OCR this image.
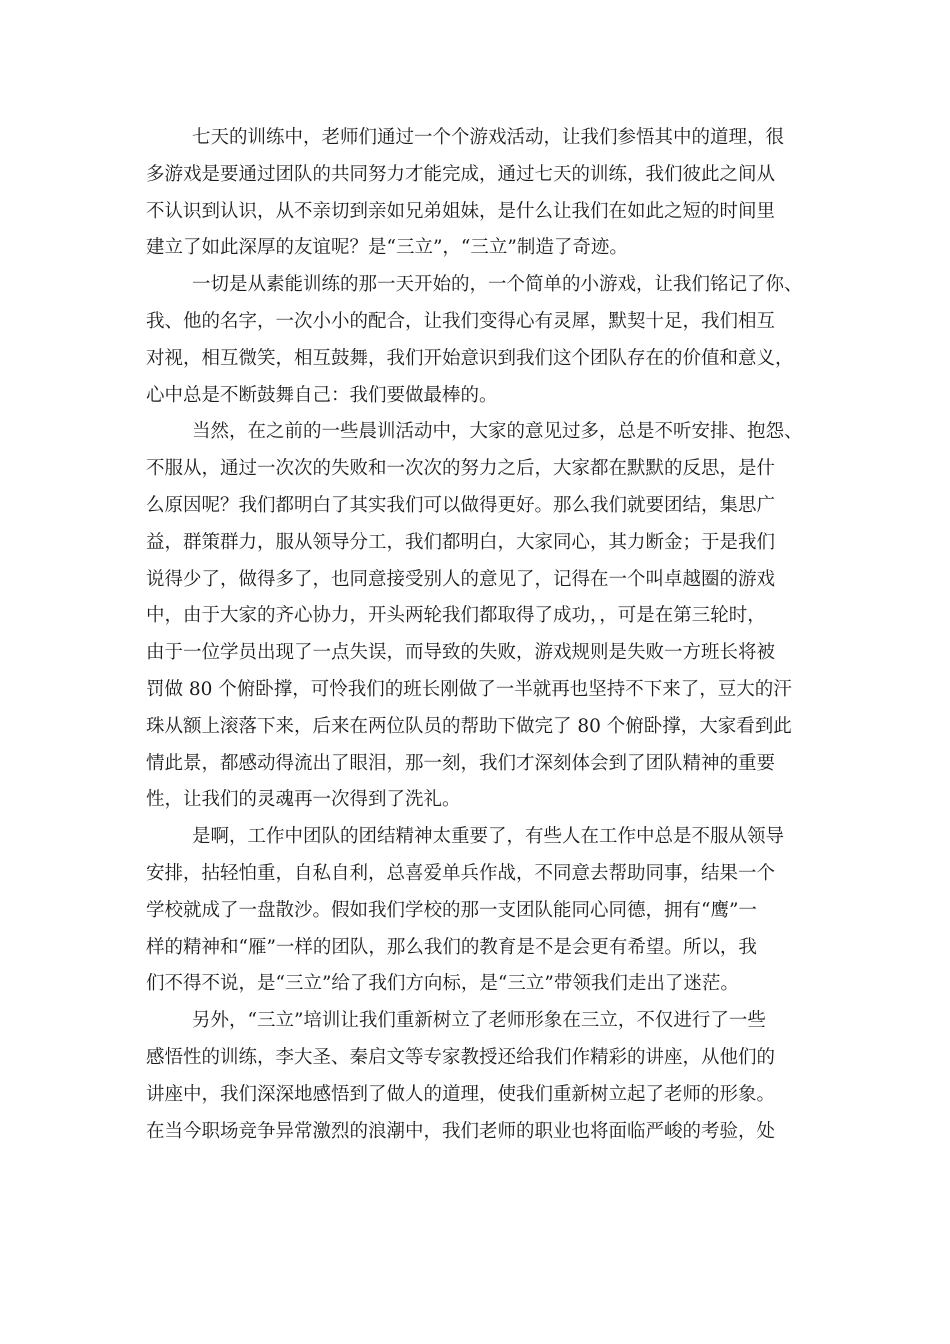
七天的训练中，老师们通过一个个游戏活动，让我们参悟其中的道理，很
多游戏是要通过团队的共同努力才能完成，通过七天的训练，我们彼此之间从
不认识到认识，从不亲切到亲如兄弟姐妹，是什么让我们在如此之短的时间里
建立了如此深厚的友谊呢？是“三立”，“三立”制造了奇迹。
一切是从素能训练的那一天开始的，一个简单的小游戏，让我们铭记了你、
我、他的名字，一次小小的配合，让我们变得心有灵犀，默契十足，我们相互
对视，相互微笑，相互鼓舞，我们开始意识到我们这个团队存在的价值和意义，
心中总是不断鼓舞自己：我们要做最棒的。
当然，在之前的一些晨训活动中，大家的意见过多，总是不听安排、抱怨、
不服从，通过一次次的失败和一次次的努力之后，大家都在默默的反思，是什
么原因呢？我们都明白了其实我们可以做得更好。那么我们就要团结，集思广
益，群策群力，服从领导分工，我们都明白，大家同心，其力断金；于是我们
说得少了，做得多了，也同意接受别人的意见了，记得在一个叫卓越圈的游戏
中，由于大家的齐心协力，开头两轮我们都取得了成功，，可是在第三轮时，
由于一位学员出现了一点失误，而导致的失败，游戏规则是失败一方班长将被
罚做 80 个俯卧撑，可怜我们的班长刚做了一半就再也坚持不下来了，豆大的汗
珠从额上滚落下来，后来在两位队员的帮助下做完了 80 个俯卧撑，大家看到此
情此景，都感动得流出了眼泪，那一刻，我们才深刻体会到了团队精神的重要
性，让我们的灵魂再一次得到了洗礼。
是啊，工作中团队的团结精神太重要了，有些人在工作中总是不服从领导
安排，拈轻怕重，自私自利，总喜爱单兵作战，不同意去帮助同事，结果一个
学校就成了一盘散沙。假如我们学校的那一支团队能同心同德，拥有“鹰”一
样的精神和“雁”一样的团队，那么我们的教育是不是会更有希望。所以，我
们不得不说，是“三立”给了我们方向标，是“三立”带领我们走出了迷茫。
另外，“三立”培训让我们重新树立了老师形象在三立，不仅进行了一些
感悟性的训练，李大圣、秦启文等专家教授还给我们作精彩的讲座，从他们的
讲座中，我们深深地感悟到了做人的道理，使我们重新树立起了老师的形象。
在当今职场竞争异常激烈的浪潮中，我们老师的职业也将面临严峻的考验，处
